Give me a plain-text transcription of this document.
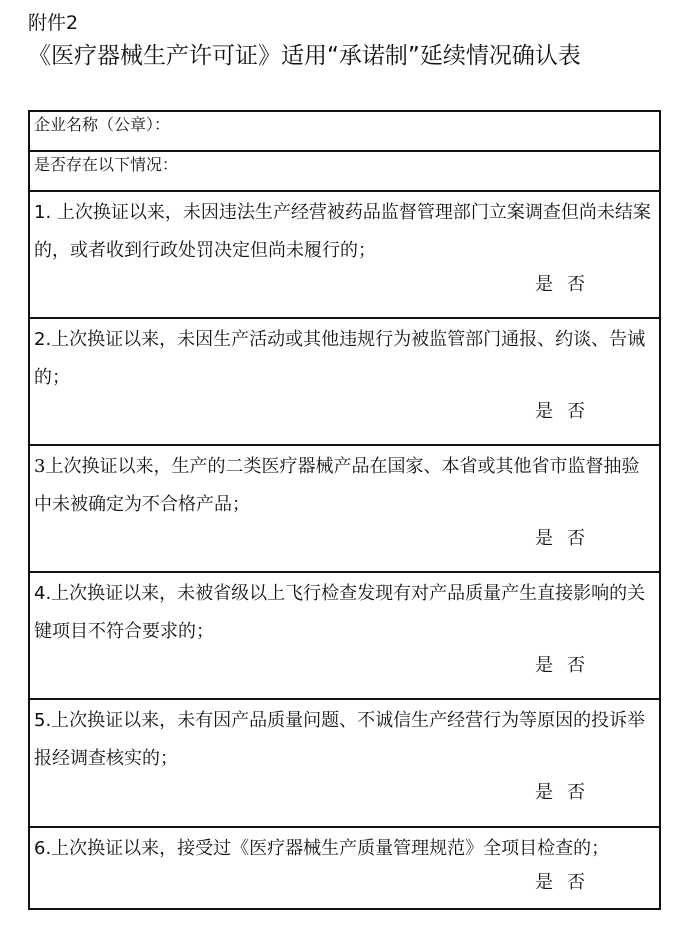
附件2
《医疗器械生产许可证》适用“承诺制”延续情况确认表
企业名称（公章）：
是否存在以下情况：

1. 上次换证以来，未因违法生产经营被药品监督管理部门立案调查但尚未结案的，或者收到行政处罚决定但尚未履行的；
是 否

2.上次换证以来，未因生产活动或其他违规行为被监管部门通报、约谈、告诫的；
是 否

3上次换证以来，生产的二类医疗器械产品在国家、本省或其他省市监督抽验中未被确定为不合格产品；
是 否

4.上次换证以来，未被省级以上飞行检查发现有对产品质量产生直接影响的关键项目不符合要求的；
是 否

5.上次换证以来，未有因产品质量问题、不诚信生产经营行为等原因的投诉举报经调查核实的；
是 否

6.上次换证以来，接受过《医疗器械生产质量管理规范》全项目检查的；
是 否
